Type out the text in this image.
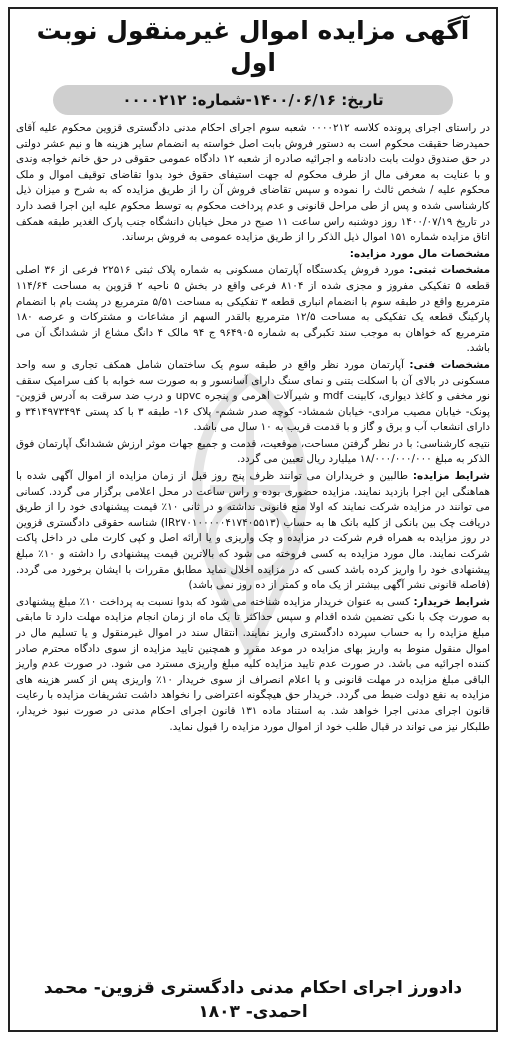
آگهی مزایده اموال غیرمنقول نوبت اول
تاریخ: ۱۴۰۰/۰۶/۱۶-شماره: ۰۰۰۰۲۱۲

در راستای اجرای پرونده کلاسه ۰۰۰۰۲۱۲ شعبه سوم اجرای احکام مدنی دادگستری قزوین محکوم علیه آقای حمیدرضا حقیقت محکوم است به دستور فروش بابت اصل خواسته به انضمام سایر هزینه ها و نیم عشر دولتی در حق صندوق دولت بابت دادنامه و اجرائیه صادره از شعبه ۱۲ دادگاه عمومی حقوقی در حق خانم خواجه وندی و با عنایت به معرفی مال از طرف محکوم له جهت استیفای حقوق خود بدوا تقاضای توقیف اموال و ملک محکوم علیه / شخص ثالث را نموده و سپس تقاضای فروش آن را از طریق مزایده که به شرح و میزان ذیل کارشناسی شده و پس از طی مراحل قانونی و عدم پرداخت محکوم به توسط محکوم علیه این اجرا قصد دارد در تاریخ ۱۴۰۰/۰۷/۱۹ روز دوشنبه راس ساعت ۱۱ صبح در محل خیابان دانشگاه جنب پارک الغدیر طبقه همکف اتاق مزایده شماره ۱۵۱ اموال ذیل الذکر را از طریق مزایده عمومی به فروش برساند.

مشخصات مال مورد مزایده:

مشخصات ثبتی: مورد فروش یکدستگاه آپارتمان مسکونی به شماره پلاک ثبتی ۲۲۵۱۶ فرعی از ۳۶ اصلی قطعه ۵ تفکیکی مفروز و مجزی شده از ۸۱۰۴ فرعی واقع در بخش ۵ ناحیه ۲ قزوین به مساحت ۱۱۴/۶۴ مترمربع واقع در طبقه سوم با انضمام انباری قطعه ۳ تفکیکی به مساحت ۵/۵۱ مترمربع در پشت بام با انضمام پارکینگ قطعه یک تفکیکی به مساحت ۱۲/۵ مترمربع بالقدر السهم از مشاعات و مشترکات و عرصه ۱۸۰ مترمربع که خواهان به موجب سند تکبرگی به شماره ۹۶۴۹۰۵ ج ۹۴ مالک ۴ دانگ مشاع از ششدانگ آن می باشد.

مشخصات فنی: آپارتمان مورد نظر واقع در طبقه سوم یک ساختمان شامل همکف تجاری و سه واحد مسکونی در بالای آن با اسکلت بتنی و نمای سنگ دارای آسانسور و به صورت سه خوابه با کف سرامیک سقف نور مخفی و کاغذ دیواری، کابینت mdf و شیرآلات اهرمی و پنجره upvc و درب ضد سرقت به آدرس قزوین- پونک- خیابان مصیب مرادی- خیابان شمشاد- کوچه صدر ششم- پلاک ۱۶- طبقه ۳ با کد پستی ۳۴۱۴۹۷۳۴۹۴ و دارای انشعاب آب و برق و گاز و با قدمت قریب به ۱۰ سال می باشد.

نتیجه کارشناسی: با در نظر گرفتن مساحت، موقعیت، قدمت و جمیع جهات موثر ارزش ششدانگ آپارتمان فوق الذکر به مبلغ ۱۸/۰۰۰/۰۰۰/۰۰۰ میلیارد ریال تعیین می گردد.

شرایط مزایده: طالبین و خریداران می توانند ظرف پنج روز قبل از زمان مزایده از اموال آگهی شده با هماهنگی این اجرا بازدید نمایند. مزایده حضوری بوده و راس ساعت در محل اعلامی برگزار می گردد. کسانی می توانند در مزایده شرکت نمایند که اولا منع قانونی نداشته و در ثانی ۱۰٪ قیمت پیشنهادی خود را از طریق دریافت چک بین بانکی از کلیه بانک ها به حساب (IR۲۷۰۱۰۰۰۰۰۴۱۷۴۰۵۵۱۳) شناسه حقوقی دادگستری قزوین در روز مزایده به همراه فرم شرکت در مزایده و چک واریزی و یا ارائه اصل و کپی کارت ملی در داخل پاکت شرکت نمایند. مال مورد مزایده به کسی فروخته می شود که بالاترین قیمت پیشنهادی را داشته و ۱۰٪ مبلغ پیشنهادی خود را واریز کرده باشد کسی که در مزایده اخلال نماید مطابق مقررات با ایشان برخورد می گردد. (فاصله قانونی نشر آگهی بیشتر از یک ماه و کمتر از ده روز نمی باشد)

شرایط خریدار: کسی به عنوان خریدار مزایده شناخته می شود که بدوا نسبت به پرداخت ۱۰٪ مبلغ پیشنهادی به صورت چک با نکی تضمین شده اقدام و سپس حداکثر تا یک ماه از زمان انجام مزایده مهلت دارد تا مابقی مبلغ مزایده را به حساب سپرده دادگستری واریز نمایند. انتقال سند در اموال غیرمنقول و یا تسلیم مال در اموال منقول منوط به واریز بهای مزایده در موعد مقرر و همچنین تایید مزایده از سوی دادگاه محترم صادر کننده اجرائیه می باشد. در صورت عدم تایید مزایده کلیه مبلغ واریزی مسترد می شود. در صورت عدم واریز الباقی مبلغ مزایده در مهلت قانونی و یا اعلام انصراف از سوی خریدار ۱۰٪ واریزی پس از کسر هزینه های مزایده به نفع دولت ضبط می گردد. خریدار حق هیچگونه اعتراضی را نخواهد داشت تشریفات مزایده با رعایت قانون اجرای مدنی اجرا خواهد شد. به استناد ماده ۱۳۱ قانون اجرای احکام مدنی در صورت نبود خریدار، طلبکار نیز می تواند در قبال طلب خود از اموال مورد مزایده را قبول نماید.

دادورز اجرای احکام مدنی دادگستری قزوین- محمد احمدی- ۱۸۰۳
